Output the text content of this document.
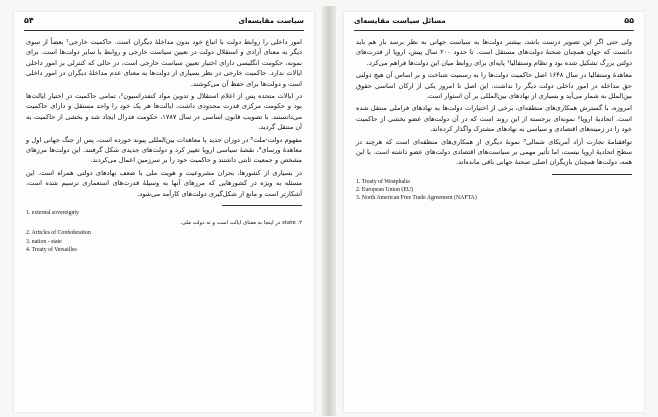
سیاست مقایسه‌ای
۵۴

امور داخلی را روابط دولت با اتباع خود بدون مداخلهٔ دیگران است. حاکمیت خارجی¹ بعضاً از سوی دیگر به معنای آزادی و استقلال دولت در تعیین سیاست خارجی و روابط با سایر دولت‌ها است. برای نمونه، حکومت انگلیسی دارای اختیار تعیین سیاست خارجی است، در حالی که کنترلی بر امور داخلی ایالات ندارد. حاکمیت خارجی در نظر بسیاری از دولت‌ها به معنای عدم مداخلهٔ دیگران در امور داخلی است و دولت‌ها برای حفظ آن می‌کوشند.

در ایالات متحده پس از اعلام استقلال و تدوین مواد کنفدراسیون²، تمامی حاکمیت در اختیار ایالت‌ها بود و حکومت مرکزی قدرت محدودی داشت. ایالت‌ها هر یک خود را واحد مستقل و دارای حاکمیت می‌دانستند. با تصویب قانون اساسی در سال ۱۷۸۷، حکومت فدرال ایجاد شد و بخشی از حاکمیت به آن منتقل گردید.

مفهوم دولت-ملت³ در دوران جدید با معاهدات بین‌المللی پیوند خورده است. پس از جنگ جهانی اول و معاهدهٔ ورسای⁴، نقشهٔ سیاسی اروپا تغییر کرد و دولت‌های جدیدی شکل گرفتند. این دولت‌ها مرزهای مشخص و جمعیت ثابتی داشتند و حاکمیت خود را بر سرزمین اعمال می‌کردند.

در بسیاری از کشورها، بحران مشروعیت و هویت ملی با ضعف نهادهای دولتی همراه است. این مسئله به ویژه در کشورهایی که مرزهای آنها به وسیلهٔ قدرت‌های استعماری ترسیم شده است، آشکارتر است و مانع از شکل‌گیری دولت‌های کارآمد می‌شود.

1. external sovereignty
۲. state در اینجا به معنای ایالت است و نه دولت ملی.
2. Articles of Confederation
3. nation - state
4. Treaty of Versailles
۵۵
مسائل سیاست مقایسه‌ای

ولی حتی اگر این تصویر درست باشد، بیشتر دولت‌ها به سیاست جهانی به نظر برسد باز هم باید دانست که جهان همچنان صحنهٔ دولت‌های مستقل است. تا حدود ۲۰۰ سال پیش، اروپا از قدرت‌های دولتی بزرگ تشکیل شده بود و نظام وستفالیا¹ پایه‌ای برای روابط میان این دولت‌ها فراهم می‌کرد.

معاهدهٔ وستفالیا در سال ۱۶۴۸ اصل حاکمیت دولت‌ها را به رسمیت شناخت و بر اساس آن هیچ دولتی حق مداخله در امور داخلی دولت دیگر را نداشت. این اصل تا امروز یکی از ارکان اساسی حقوق بین‌الملل به شمار می‌آید و بسیاری از نهادهای بین‌المللی بر آن استوار است.

امروزه، با گسترش همکاری‌های منطقه‌ای، برخی از اختیارات دولت‌ها به نهادهای فراملی منتقل شده است. اتحادیهٔ اروپا² نمونه‌ای برجسته از این روند است که در آن دولت‌های عضو بخشی از حاکمیت خود را در زمینه‌های اقتصادی و سیاسی به نهادهای مشترک واگذار کرده‌اند.

توافقنامهٔ تجارت آزاد آمریکای شمالی³ نمونهٔ دیگری از همکاری‌های منطقه‌ای است که هرچند در سطح اتحادیهٔ اروپا نیست، اما تأثیر مهمی بر سیاست‌های اقتصادی دولت‌های عضو داشته است. با این همه، دولت‌ها همچنان بازیگران اصلی صحنهٔ جهانی باقی مانده‌اند.

1. Treaty of Westphalia
2. European Union (EU)
3. North American Free Trade Agreement (NAFTA)
